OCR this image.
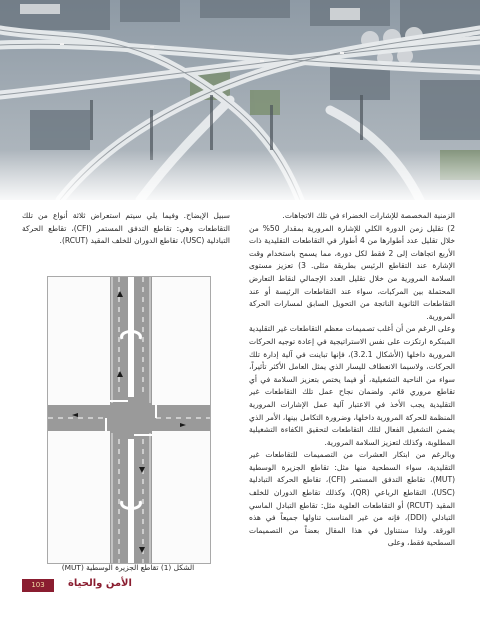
الزمنية المخصصة للإشارات الخضراء في تلك الاتجاهات.

2) تقليل زمن الدورة الكلي للإشارة المرورية بمقدار 50% من خلال تقليل عدد أطوارها من 4 أطوار في التقاطعات التقليدية ذات الأربع اتجاهات إلى 2 فقط لكل دورة، مما يسمح باستخدام وقت الإشارة عند التقاطع الرئيس بطريقة مثلى. 3) تعزيز مستوى السلامة المرورية من خلال تقليل العدد الإجمالي لنقاط التعارض المحتملة بين المركبات، سواء عند التقاطعات الرئيسة أو عند التقاطعات الثانوية الناتجة من التحويل السابق لمسارات الحركة المرورية.

وعلى الرغم من أن أغلب تصميمات معظم التقاطعات غير التقليدية المبتكرة ارتكزت على نفس الاستراتيجية في إعادة توجيه الحركات المرورية داخلها (الأشكال 3.2.1)، فإنها تباينت في آلية إدارة تلك الحركات، ولاسيما الانعطاف لليسار الذي يمثل العامل الأكثر تأثيراً، سواء من الناحية التشغيلية، أو فيما يختص بتعزيز السلامة في أي تقاطع مروري قائم. ولضمان نجاح عمل تلك التقاطعات غير التقليدية يجب الأخذ في الاعتبار آلية عمل الإشارات المرورية المنظمة للحركة المرورية داخلها، وضرورة التكامل بينها، الأمر الذي يضمن التشغيل الفعال لتلك التقاطعات لتحقيق الكفاءة التشغيلية المطلوبة، وكذلك لتعزيز السلامة المرورية.

وبالرغم من ابتكار العشرات من التصميمات للتقاطعات غير التقليدية، سواء السطحية منها مثل: تقاطع الجزيرة الوسطية (MUT)، تقاطع التدفق المستمر (CFI)، تقاطع الحركة التبادلية (USC)، التقاطع الرباعي (QR)، وكذلك تقاطع الدوران للخلف المقيد (RCUT) أو التقاطعات العلوية مثل: تقاطع التبادل الماسي التبادلي (DDI)، فإنه من غير المناسب تناولها جميعاً في هذه الورقة. ولذا سنتناول في هذا المقال بعضاً من التصميمات السطحية فقط، وعلى

سبيل الإيضاح. وفيما يلي سيتم استعراض ثلاثة أنواع من تلك التقاطعات وهي: تقاطع التدفق المستمر (CFI)، تقاطع الحركة التبادلية (USC)، تقاطع الدوران للخلف المقيد (RCUT).

الشكل (1) تقاطع الجزيرة الوسطية (MUT)
103	الأمن والحياة
